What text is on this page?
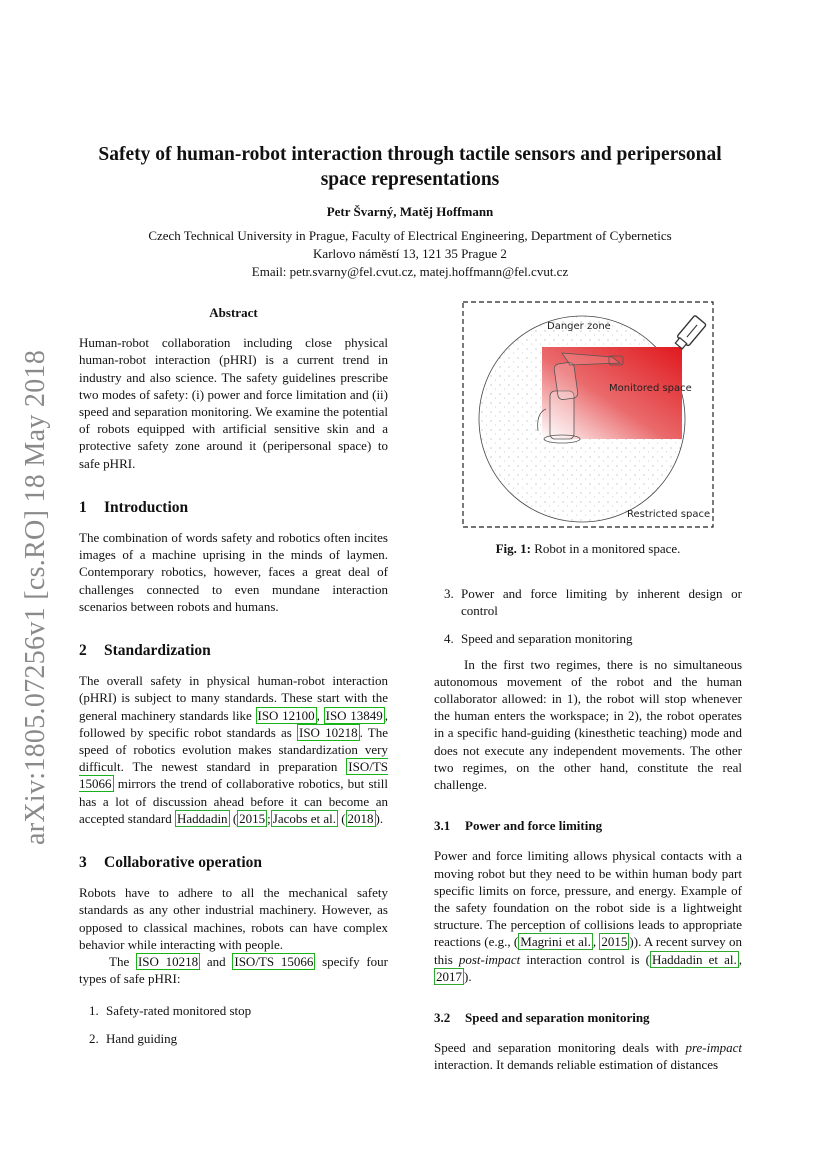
arXiv:1805.07256v1 [cs.RO] 18 May 2018
Safety of human-robot interaction through tactile sensors and peripersonal space representations
Petr Švarný, Matěj Hoffmann
Czech Technical University in Prague, Faculty of Electrical Engineering, Department of Cybernetics
Karlovo náměstí 13, 121 35 Prague 2
Email: petr.svarny@fel.cvut.cz, matej.hoffmann@fel.cvut.cz
Abstract

Human-robot collaboration including close physical human-robot interaction (pHRI) is a current trend in industry and also science. The safety guidelines prescribe two modes of safety: (i) power and force limitation and (ii) speed and separation monitoring. We examine the potential of robots equipped with artificial sensitive skin and a protective safety zone around it (peripersonal space) to safe pHRI.

1 Introduction

The combination of words safety and robotics often incites images of a machine uprising in the minds of laymen. Contemporary robotics, however, faces a great deal of challenges connected to even mundane interaction scenarios between robots and humans.

2 Standardization

The overall safety in physical human-robot interaction (pHRI) is subject to many standards. These start with the general machinery standards like ISO 12100 , ISO 13849 , followed by specific robot standards as ISO 10218 . The speed of robotics evolution makes standardization very difficult. The newest standard in preparation ISO/TS 15066 mirrors the trend of collaborative robotics, but still has a lot of discussion ahead before it can become an accepted standard Haddadin ( 2015 ; Jacobs et al. ( 2018 ).

3 Collaborative operation

Robots have to adhere to all the mechanical safety standards as any other industrial machinery. However, as opposed to classical machines, robots can have complex behavior while interacting with people.

The ISO 10218 and ISO/TS 15066 specify four types of safe pHRI:

1. Safety-rated monitored stop
2. Hand guiding
Danger zone
Monitored space
Restricted space
Fig. 1: Robot in a monitored space.
3. Power and force limiting by inherent design or control
4. Speed and separation monitoring

In the first two regimes, there is no simultaneous autonomous movement of the robot and the human collaborator allowed: in 1), the robot will stop whenever the human enters the workspace; in 2), the robot operates in a specific hand-guiding (kinesthetic teaching) mode and does not execute any independent movements. The other two regimes, on the other hand, constitute the real challenge.

3.1 Power and force limiting

Power and force limiting allows physical contacts with a moving robot but they need to be within human body part specific limits on force, pressure, and energy. Example of the safety foundation on the robot side is a lightweight structure. The perception of collisions leads to appropriate reactions (e.g., ( Magrini et al. , 2015 )). A recent survey on this post-impact interaction control is ( Haddadin et al. , 2017 ).

3.2 Speed and separation monitoring

Speed and separation monitoring deals with pre-impact interaction. It demands reliable estimation of distances
